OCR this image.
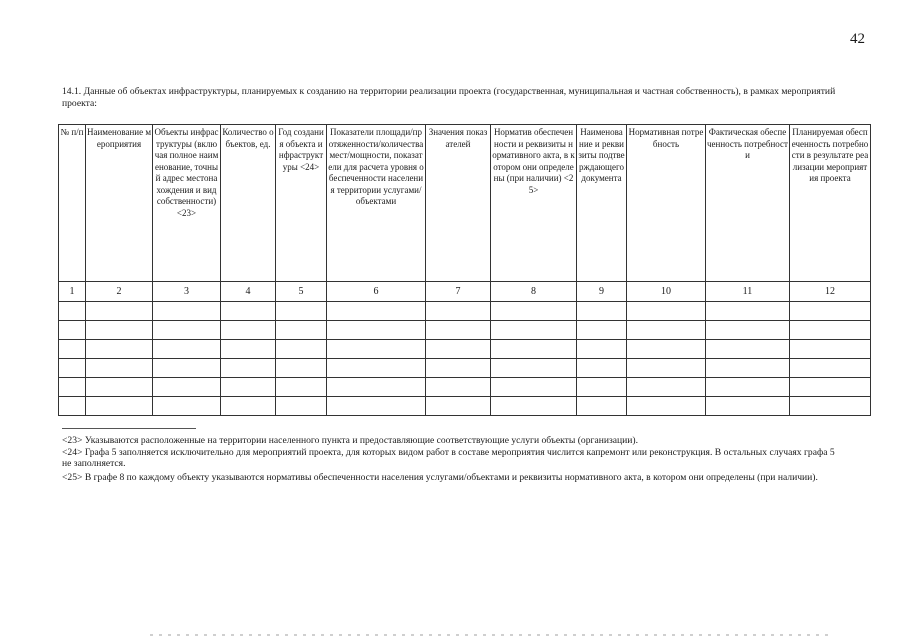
42
14.1. Данные об объектах инфраструктуры, планируемых к созданию на территории реализации проекта (государственная, муниципальная и частная собственность), в рамках мероприятий проекта:
№ п/п	Наименование мероприятия	Объекты инфраструктуры (включая полное наименование, точный адрес местонахождения и вид собственности) <23>	Количество объектов, ед.	Год создания объекта инфраструктуры <24>	Показатели площади/протяженности/количества мест/мощности, показатели для расчета уровня обеспеченности населения территории услугами/ объектами	Значения показателей	Норматив обеспеченности и реквизиты нормативного акта, в котором они определены (при наличии) <25>	Наименование и реквизиты подтверждающего документа	Нормативная потребность	Фактическая обеспеченность потребности	Планируемая обеспеченность потребности в результате реализации мероприятия проекта
1	2	3	4	5	6	7	8	9	10	11	12

<23> Указываются расположенные на территории населенного пункта и предоставляющие соответствующие услуги объекты (организации).

<24> Графа 5 заполняется исключительно для мероприятий проекта, для которых видом работ в составе мероприятия числится капремонт или реконструкция. В остальных случаях графа 5 не заполняется.

<25> В графе 8 по каждому объекту указываются нормативы обеспеченности населения услугами/объектами и реквизиты нормативного акта, в котором они определены (при наличии).
